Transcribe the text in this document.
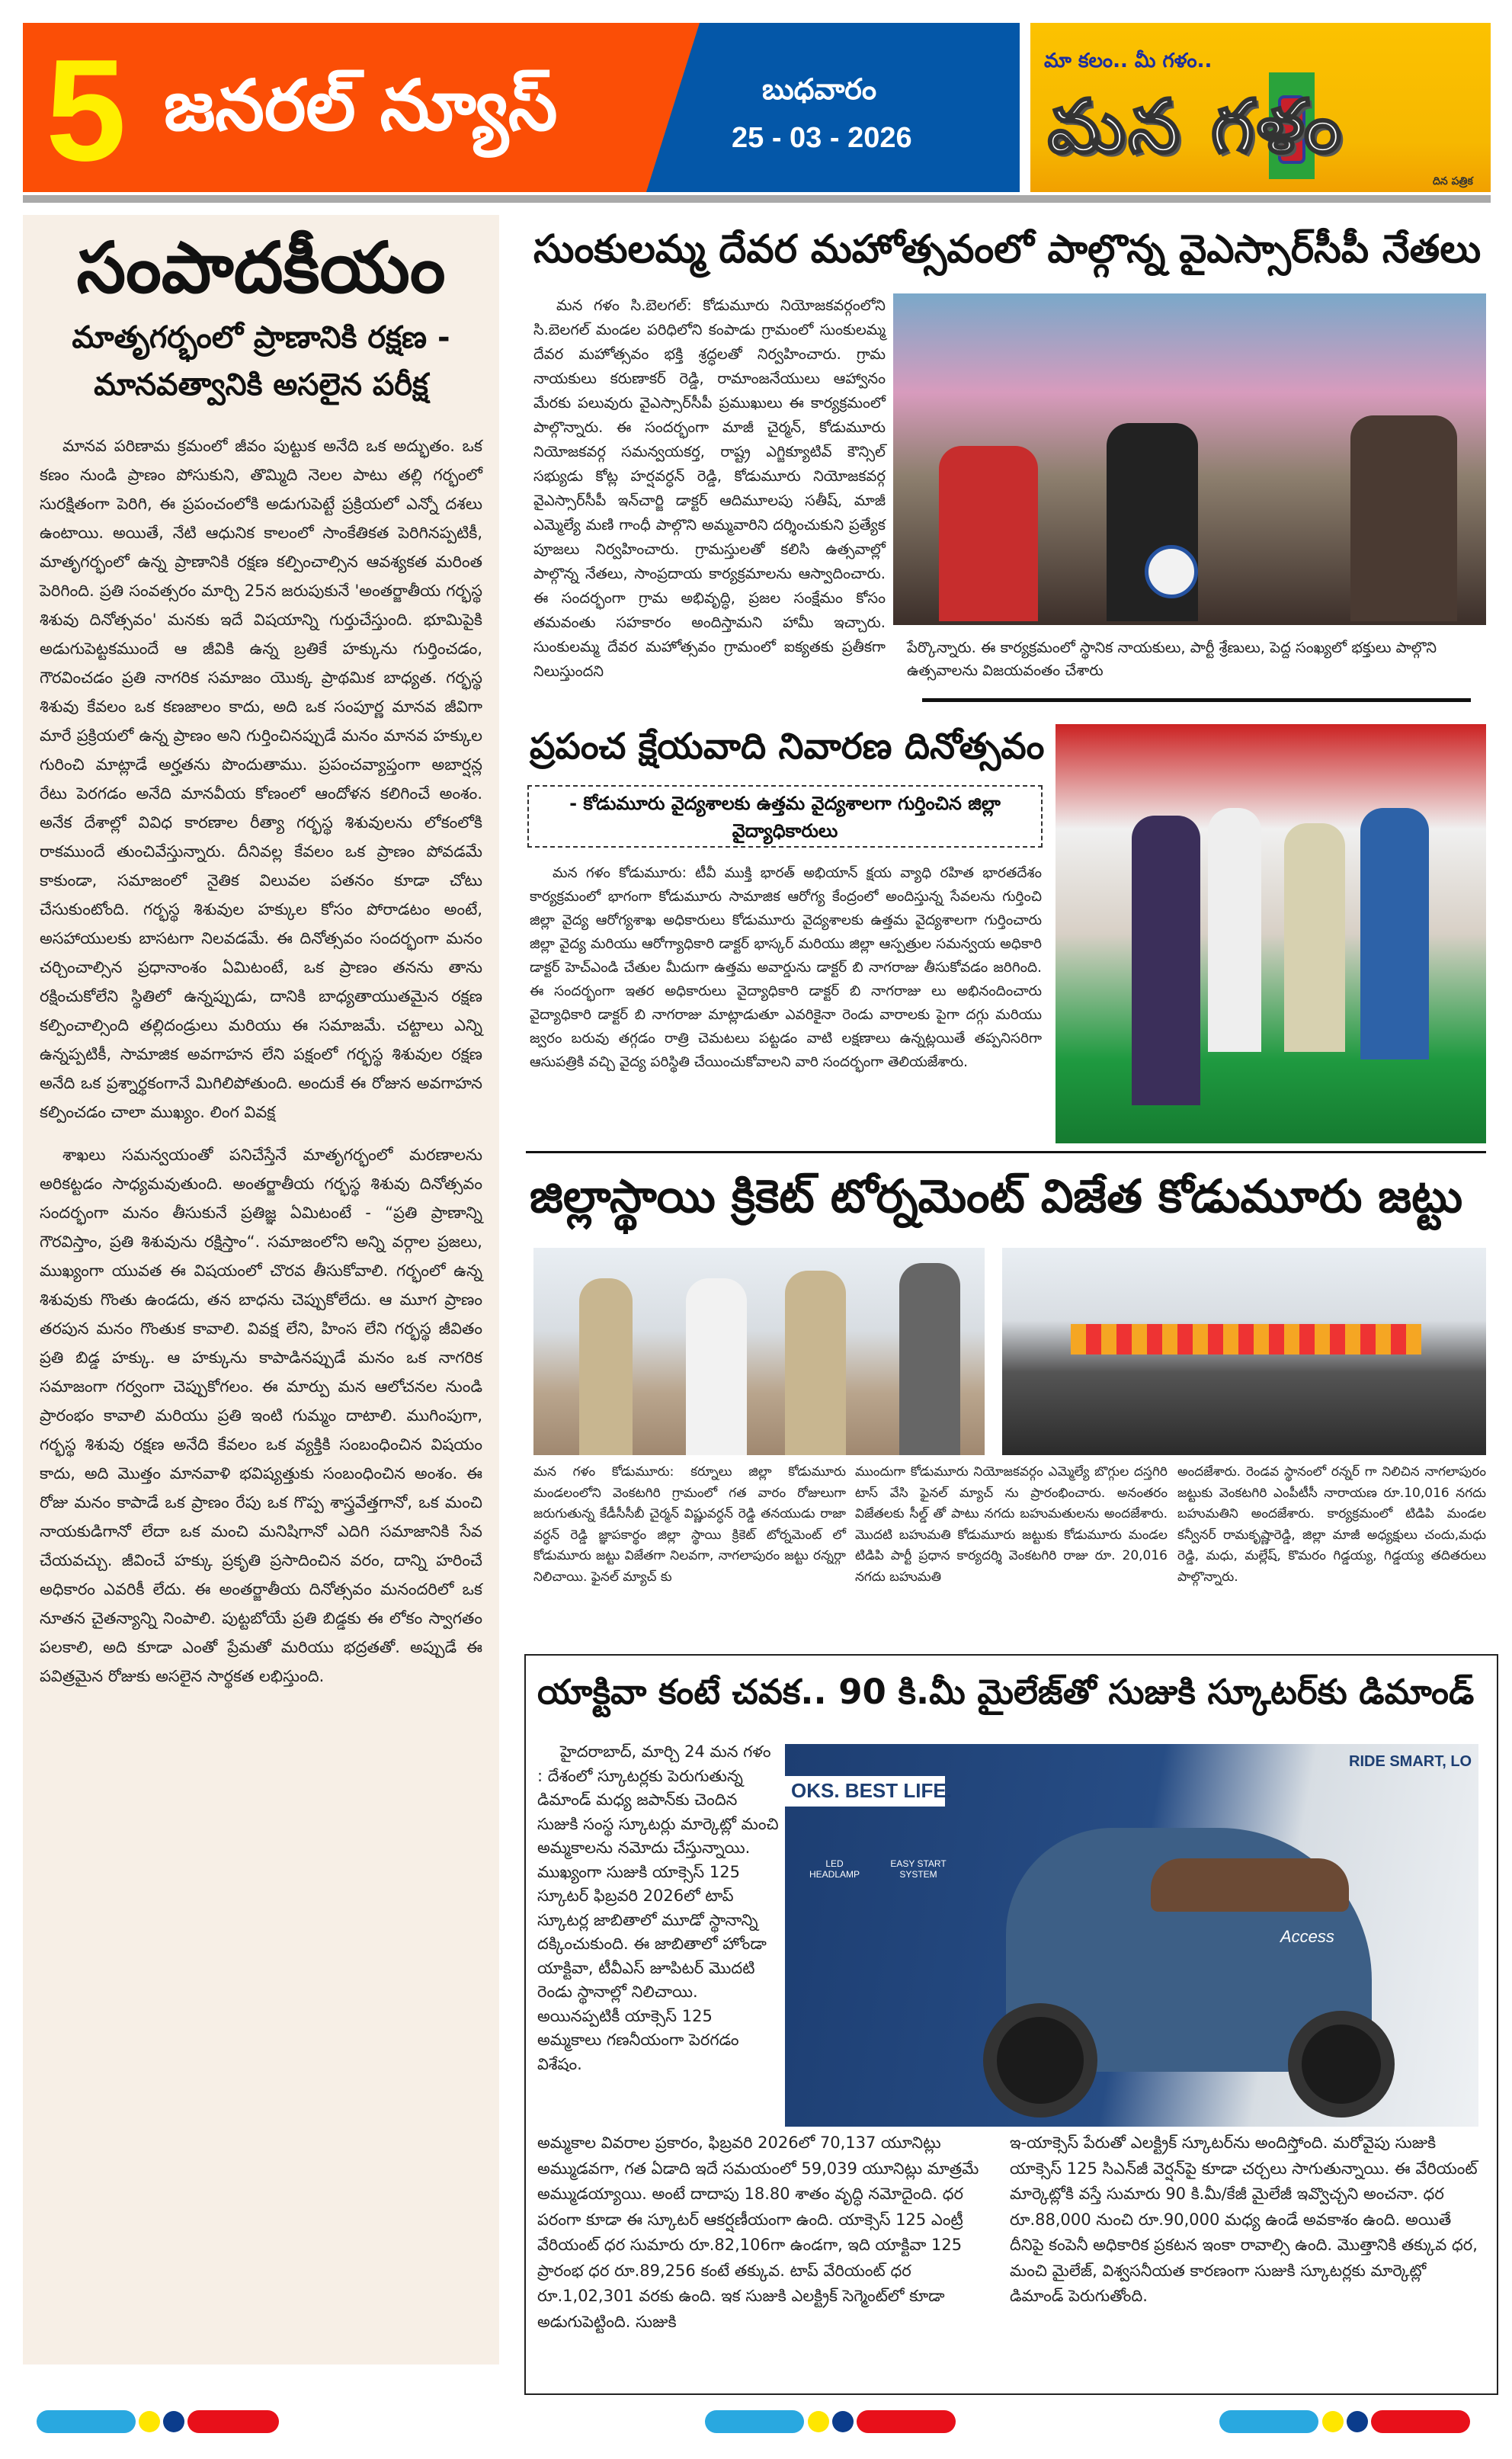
5 జనరల్ న్యూస్	బుధవారం
25 - 03 - 2026
మా కలం.. మీ గళం..
మన గళం
దిన పత్రిక
సంపాదకీయం
మాతృగర్భంలో ప్రాణానికి రక్షణ -
మానవత్వానికి అసలైన పరీక్ష

మానవ పరిణామ క్రమంలో జీవం పుట్టుక అనేది ఒక అద్భుతం. ఒక కణం నుండి ప్రాణం పోసుకుని, తొమ్మిది నెలల పాటు తల్లి గర్భంలో సురక్షితంగా పెరిగి, ఈ ప్రపంచంలోకి అడుగుపెట్టే ప్రక్రియలో ఎన్నో దశలు ఉంటాయి. అయితే, నేటి ఆధునిక కాలంలో సాంకేతికత పెరిగినప్పటికీ, మాతృగర్భంలో ఉన్న ప్రాణానికి రక్షణ కల్పించాల్సిన ఆవశ్యకత మరింత పెరిగింది. ప్రతి సంవత్సరం మార్చి 25న జరుపుకునే 'అంతర్జాతీయ గర్భస్థ శిశువు దినోత్సవం' మనకు ఇదే విషయాన్ని గుర్తుచేస్తుంది. భూమిపైకి అడుగుపెట్టకముందే ఆ జీవికి ఉన్న బ్రతికే హక్కును గుర్తించడం, గౌరవించడం ప్రతి నాగరిక సమాజం యొక్క ప్రాథమిక బాధ్యత. గర్భస్థ శిశువు కేవలం ఒక కణజాలం కాదు, అది ఒక సంపూర్ణ మానవ జీవిగా మారే ప్రక్రియలో ఉన్న ప్రాణం అని గుర్తించినప్పుడే మనం మానవ హక్కుల గురించి మాట్లాడే అర్హతను పొందుతాము. ప్రపంచవ్యాప్తంగా అబార్షన్ల రేటు పెరగడం అనేది మానవీయ కోణంలో ఆందోళన కలిగించే అంశం. అనేక దేశాల్లో వివిధ కారణాల రీత్యా గర్భస్థ శిశువులను లోకంలోకి రాకముందే తుంచివేస్తున్నారు. దీనివల్ల కేవలం ఒక ప్రాణం పోవడమే కాకుండా, సమాజంలో నైతిక విలువల పతనం కూడా చోటు చేసుకుంటోంది. గర్భస్థ శిశువుల హక్కుల కోసం పోరాడటం అంటే, అసహాయులకు బాసటగా నిలవడమే. ఈ దినోత్సవం సందర్భంగా మనం చర్చించాల్సిన ప్రధానాంశం ఏమిటంటే, ఒక ప్రాణం తనను తాను రక్షించుకోలేని స్థితిలో ఉన్నప్పుడు, దానికి బాధ్యతాయుతమైన రక్షణ కల్పించాల్సింది తల్లిదండ్రులు మరియు ఈ సమాజమే. చట్టాలు ఎన్ని ఉన్నప్పటికీ, సామాజిక అవగాహన లేని పక్షంలో గర్భస్థ శిశువుల రక్షణ అనేది ఒక ప్రశ్నార్థకంగానే మిగిలిపోతుంది. అందుకే ఈ రోజున అవగాహన కల్పించడం చాలా ముఖ్యం. లింగ వివక్ష

శాఖలు సమన్వయంతో పనిచేస్తేనే మాతృగర్భంలో మరణాలను అరికట్టడం సాధ్యమవుతుంది. అంతర్జాతీయ గర్భస్థ శిశువు దినోత్సవం సందర్భంగా మనం తీసుకునే ప్రతిజ్ఞ ఏమిటంటే - “ప్రతి ప్రాణాన్ని గౌరవిస్తాం, ప్రతి శిశువును రక్షిస్తాం“. సమాజంలోని అన్ని వర్గాల ప్రజలు, ముఖ్యంగా యువత ఈ విషయంలో చొరవ తీసుకోవాలి. గర్భంలో ఉన్న శిశువుకు గొంతు ఉండదు, తన బాధను చెప్పుకోలేదు. ఆ మూగ ప్రాణం తరపున మనం గొంతుక కావాలి. వివక్ష లేని, హింస లేని గర్భస్థ జీవితం ప్రతి బిడ్డ హక్కు. ఆ హక్కును కాపాడినప్పుడే మనం ఒక నాగరిక సమాజంగా గర్వంగా చెప్పుకోగలం. ఈ మార్పు మన ఆలోచనల నుండి ప్రారంభం కావాలి మరియు ప్రతి ఇంటి గుమ్మం దాటాలి. ముగింపుగా, గర్భస్థ శిశువు రక్షణ అనేది కేవలం ఒక వ్యక్తికి సంబంధించిన విషయం కాదు, అది మొత్తం మానవాళి భవిష్యత్తుకు సంబంధించిన అంశం. ఈ రోజు మనం కాపాడే ఒక ప్రాణం రేపు ఒక గొప్ప శాస్త్రవేత్తగానో, ఒక మంచి నాయకుడిగానో లేదా ఒక మంచి మనిషిగానో ఎదిగి సమాజానికి సేవ చేయవచ్చు. జీవించే హక్కు ప్రకృతి ప్రసాదించిన వరం, దాన్ని హరించే అధికారం ఎవరికీ లేదు. ఈ అంతర్జాతీయ దినోత్సవం మనందరిలో ఒక నూతన చైతన్యాన్ని నింపాలి. పుట్టబోయే ప్రతి బిడ్డకు ఈ లోకం స్వాగతం పలకాలి, అది కూడా ఎంతో ప్రేమతో మరియు భద్రతతో. అప్పుడే ఈ పవిత్రమైన రోజుకు అసలైన సార్థకత లభిస్తుంది.

సుంకులమ్మ దేవర మహోత్సవంలో పాల్గొన్న వైఎస్సార్‌సీపీ నేతలు

మన గళం సి.బెలగల్: కోడుమూరు నియోజకవర్గంలోని సి.బెలగల్ మండల పరిధిలోని కంపాడు గ్రామంలో సుంకులమ్మ దేవర మహోత్సవం భక్తి శ్రద్ధలతో నిర్వహించారు. గ్రామ నాయకులు కరుణాకర్ రెడ్డి, రామాంజనేయులు ఆహ్వానం మేరకు పలువురు వైఎస్సార్‌సీపీ ప్రముఖులు ఈ కార్యక్రమంలో పాల్గొన్నారు. ఈ సందర్భంగా మాజీ చైర్మన్, కోడుమూరు నియోజకవర్గ సమన్వయకర్త, రాష్ట్ర ఎగ్జిక్యూటివ్ కౌన్సిల్ సభ్యుడు కోట్ల హర్షవర్ధన్ రెడ్డి, కోడుమూరు నియోజకవర్గ వైఎస్సార్‌సీపీ ఇన్‌చార్జి డాక్టర్ ఆదిమూలపు సతీష్, మాజీ ఎమ్మెల్యే మణి గాంధీ పాల్గొని అమ్మవారిని దర్శించుకుని ప్రత్యేక పూజలు నిర్వహించారు. గ్రామస్తులతో కలిసి ఉత్సవాల్లో పాల్గొన్న నేతలు, సాంప్రదాయ కార్యక్రమాలను ఆస్వాదించారు. ఈ సందర్భంగా గ్రామ అభివృద్ధి, ప్రజల సంక్షేమం కోసం తమవంతు సహకారం అందిస్తామని హామీ ఇచ్చారు. సుంకులమ్మ దేవర మహోత్సవం గ్రామంలో ఐక్యతకు ప్రతీకగా నిలుస్తుందని

పేర్కొన్నారు. ఈ కార్యక్రమంలో స్థానిక నాయకులు, పార్టీ శ్రేణులు, పెద్ద సంఖ్యలో భక్తులు పాల్గొని ఉత్సవాలను విజయవంతం చేశారు
ప్రపంచ క్షేయవాది నివారణ దినోత్సవం
- కోడుమూరు వైద్యశాలకు ఉత్తమ వైద్యశాలగా గుర్తించిన జిల్లా వైద్యాధికారులు

మన గళం కోడుమూరు: టీవీ ముక్తి భారత్ అభియాన్ క్షయ వ్యాధి రహిత భారతదేశం కార్యక్రమంలో భాగంగా కోడుమూరు సామాజిక ఆరోగ్య కేంద్రంలో అందిస్తున్న సేవలను గుర్తించి జిల్లా వైద్య ఆరోగ్యశాఖ అధికారులు కోడుమూరు వైద్యశాలకు ఉత్తమ వైద్యశాలగా గుర్తించారు జిల్లా వైద్య మరియు ఆరోగ్యాధికారి డాక్టర్ భాస్కర్ మరియు జిల్లా ఆస్పత్రుల సమన్వయ అధికారి డాక్టర్ హెచ్ఎండి చేతుల మీదుగా ఉత్తమ అవార్డును డాక్టర్ బి నాగరాజు తీసుకోవడం జరిగింది. ఈ సందర్భంగా ఇతర అధికారులు వైద్యాధికారి డాక్టర్ బి నాగరాజు లు అభినందించారు వైద్యాధికారి డాక్టర్ బి నాగరాజు మాట్లాడుతూ ఎవరికైనా రెండు వారాలకు పైగా దగ్గు మరియు జ్వరం బరువు తగ్గడం రాత్రి చెమటలు పట్టడం వాటి లక్షణాలు ఉన్నట్లయితే తప్పనిసరిగా ఆసుపత్రికి వచ్చి వైద్య పరిస్థితి చేయించుకోవాలని వారి సందర్భంగా తెలియజేశారు.

జిల్లాస్థాయి క్రికెట్ టోర్నమెంట్ విజేత కోడుమూరు జట్టు
మన గళం కోడుమూరు: కర్నూలు జిల్లా కోడుమూరు మండలంలోని వెంకటగిరి గ్రామంలో గత వారం రోజులుగా జరుగుతున్న కేడీసీసీబీ చైర్మన్ విష్ణువర్ధన్ రెడ్డి తనయుడు రాజా వర్ధన్ రెడ్డి జ్ఞాపకార్థం జిల్లా స్థాయి క్రికెట్ టోర్నమెంట్ లో కోడుమూరు జట్టు విజేతగా నిలవగా, నాగలాపురం జట్టు రన్నర్గా నిలిచాయి. ఫైనల్ మ్యాచ్ కు
ముందుగా కోడుమూరు నియోజకవర్గం ఎమ్మెల్యే బొగ్గుల దస్తగిరి టాస్ వేసి ఫైనల్ మ్యాచ్ ను ప్రారంభించారు. అనంతరం విజేతలకు సీల్డ్ తో పాటు నగదు బహుమతులను అందజేశారు. మొదటి బహుమతి కోడుమూరు జట్టుకు కోడుమూరు మండల టిడిపి పార్టీ ప్రధాన కార్యదర్శి వెంకటగిరి రాజు రూ. 20,016 నగదు బహుమతి
అందజేశారు. రెండవ స్థానంలో రన్నర్ గా నిలిచిన నాగలాపురం జట్టుకు వెంకటగిరి ఎంపీటీసీ నారాయణ రూ.10,016 నగదు బహుమతిని అందజేశారు. కార్యక్రమంలో టిడిపి మండల కన్వీనర్ రామకృష్ణారెడ్డి, జిల్లా మాజీ అధ్యక్షులు చందు,మధు రెడ్డి, మధు, మల్లేష్, కొమరం గిడ్డయ్య, గిడ్డయ్య తదితరులు పాల్గొన్నారు.
యాక్టివా కంటే చవక.. 90 కి.మీ మైలేజ్‌తో సుజుకి స్కూటర్‌కు డిమాండ్

హైదరాబాద్, మార్చి 24 మన గళం : దేశంలో స్కూటర్లకు పెరుగుతున్న డిమాండ్ మధ్య జపాన్‌కు చెందిన సుజుకి సంస్థ స్కూటర్లు మార్కెట్లో మంచి అమ్మకాలను నమోదు చేస్తున్నాయి. ముఖ్యంగా సుజుకి యాక్సెస్ 125 స్కూటర్ ఫిబ్రవరి 2026లో టాప్ స్కూటర్ల జాబితాలో మూడో స్థానాన్ని దక్కించుకుంది. ఈ జాబితాలో హోండా యాక్టివా, టీవీఎస్ జూపిటర్ మొదటి రెండు స్థానాల్లో నిలిచాయి. అయినప్పటికీ యాక్సెస్ 125 అమ్మకాలు గణనీయంగా పెరగడం విశేషం.

OKS. BEST LIFE.
LED HEADLAMP
EASY START SYSTEM
RIDE SMART, LO
Access
అమ్మకాల వివరాల ప్రకారం, ఫిబ్రవరి 2026లో 70,137 యూనిట్లు అమ్ముడవగా, గత ఏడాది ఇదే సమయంలో 59,039 యూనిట్లు మాత్రమే అమ్ముడయ్యాయి. అంటే దాదాపు 18.80 శాతం వృద్ధి నమోదైంది. ధర పరంగా కూడా ఈ స్కూటర్ ఆకర్షణీయంగా ఉంది. యాక్సెస్ 125 ఎంట్రీ వేరియంట్ ధర సుమారు రూ.82,106గా ఉండగా, ఇది యాక్టివా 125 ప్రారంభ ధర రూ.89,256 కంటే తక్కువ. టాప్ వేరియంట్ ధర రూ.1,02,301 వరకు ఉంది. ఇక సుజుకి ఎలక్ట్రిక్ సెగ్మెంట్‌లో కూడా అడుగుపెట్టింది. సుజుకి
ఇ-యాక్సెస్ పేరుతో ఎలక్ట్రిక్ స్కూటర్‌ను అందిస్తోంది. మరోవైపు సుజుకి యాక్సెస్ 125 సిఎన్‌జీ వెర్షన్‌పై కూడా చర్చలు సాగుతున్నాయి. ఈ వేరియంట్ మార్కెట్లోకి వస్తే సుమారు 90 కి.మీ/కేజీ మైలేజీ ఇవ్వొచ్చని అంచనా. ధర రూ.88,000 నుంచి రూ.90,000 మధ్య ఉండే అవకాశం ఉంది. అయితే దీనిపై కంపెనీ అధికారిక ప్రకటన ఇంకా రావాల్సి ఉంది. మొత్తానికి తక్కువ ధర, మంచి మైలేజ్, విశ్వసనీయత కారణంగా సుజుకి స్కూటర్లకు మార్కెట్లో డిమాండ్ పెరుగుతోంది.
